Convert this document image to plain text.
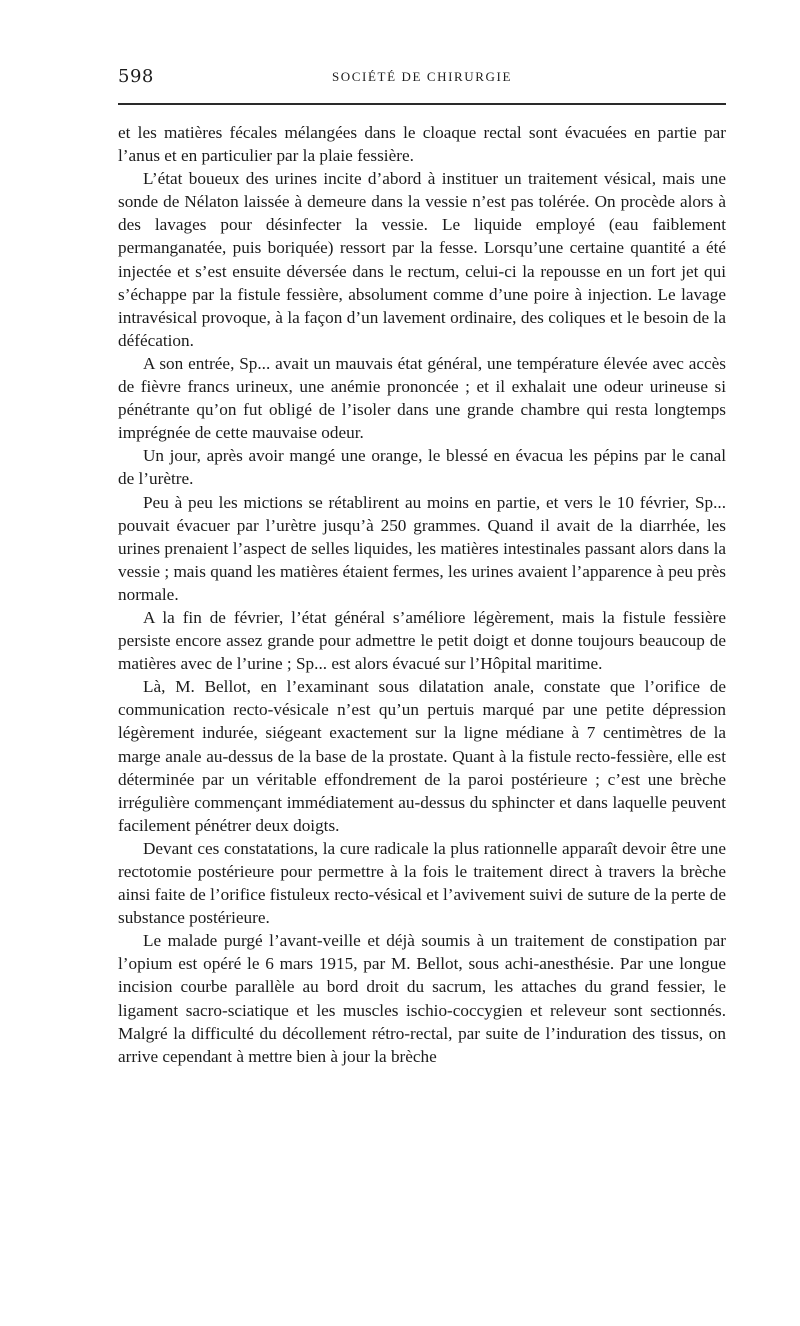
598	SOCIÉTÉ DE CHIRURGIE

et les matières fécales mélangées dans le cloaque rectal sont évacuées en partie par l’anus et en particulier par la plaie fessière.

L’état boueux des urines incite d’abord à instituer un traitement vésical, mais une sonde de Nélaton laissée à demeure dans la vessie n’est pas tolérée. On procède alors à des lavages pour désinfecter la vessie. Le liquide employé (eau faiblement permanganatée, puis boriquée) ressort par la fesse. Lorsqu’une certaine quantité a été injectée et s’est ensuite déversée dans le rectum, celui-ci la repousse en un fort jet qui s’échappe par la fistule fessière, absolument comme d’une poire à injection. Le lavage intravésical provoque, à la façon d’un lavement ordinaire, des coliques et le besoin de la défécation.

A son entrée, Sp... avait un mauvais état général, une température élevée avec accès de fièvre francs urineux, une anémie prononcée ; et il exhalait une odeur urineuse si pénétrante qu’on fut obligé de l’isoler dans une grande chambre qui resta longtemps imprégnée de cette mauvaise odeur.

Un jour, après avoir mangé une orange, le blessé en évacua les pépins par le canal de l’urètre.

Peu à peu les mictions se rétablirent au moins en partie, et vers le 10 février, Sp... pouvait évacuer par l’urètre jusqu’à 250 grammes. Quand il avait de la diarrhée, les urines prenaient l’aspect de selles liquides, les matières intestinales passant alors dans la vessie ; mais quand les matières étaient fermes, les urines avaient l’apparence à peu près normale.

A la fin de février, l’état général s’améliore légèrement, mais la fistule fessière persiste encore assez grande pour admettre le petit doigt et donne toujours beaucoup de matières avec de l’urine ; Sp... est alors évacué sur l’Hôpital maritime.

Là, M. Bellot, en l’examinant sous dilatation anale, constate que l’orifice de communication recto-vésicale n’est qu’un pertuis marqué par une petite dépression légèrement indurée, siégeant exactement sur la ligne médiane à 7 centimètres de la marge anale au-dessus de la base de la prostate. Quant à la fistule recto-fessière, elle est déterminée par un véritable effondrement de la paroi postérieure ; c’est une brèche irrégulière commençant immédiatement au-dessus du sphincter et dans laquelle peuvent facilement pénétrer deux doigts.

Devant ces constatations, la cure radicale la plus rationnelle apparaît devoir être une rectotomie postérieure pour permettre à la fois le traitement direct à travers la brèche ainsi faite de l’orifice fistuleux recto-vésical et l’avivement suivi de suture de la perte de substance postérieure.

Le malade purgé l’avant-veille et déjà soumis à un traitement de constipation par l’opium est opéré le 6 mars 1915, par M. Bellot, sous achi-anesthésie. Par une longue incision courbe parallèle au bord droit du sacrum, les attaches du grand fessier, le ligament sacro-sciatique et les muscles ischio-coccygien et releveur sont sectionnés. Malgré la difficulté du décollement rétro-rectal, par suite de l’induration des tissus, on arrive cependant à mettre bien à jour la brèche
